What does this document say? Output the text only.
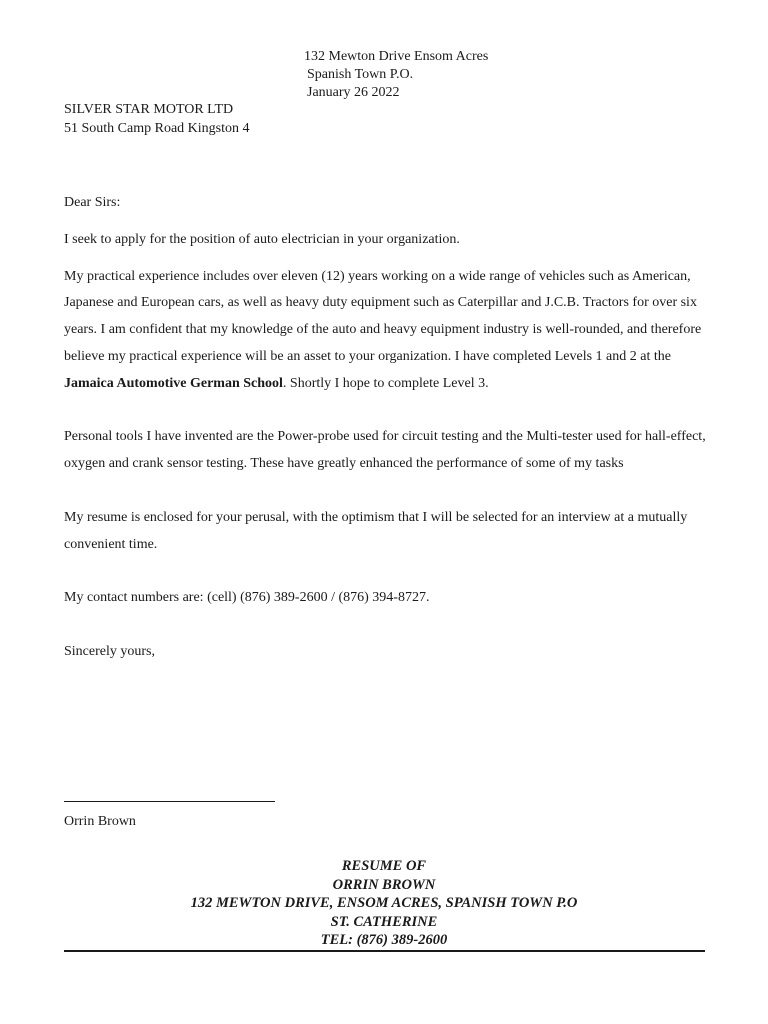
132 Mewton Drive Ensom Acres
Spanish Town P.O.
January 26 2022
SILVER STAR MOTOR LTD
51 South Camp Road Kingston 4

Dear Sirs:

I seek to apply for the position of auto electrician in your organization.

My practical experience includes over eleven (12) years working on a wide range of vehicles such as American, Japanese and European cars, as well as heavy duty equipment such as Caterpillar and J.C.B. Tractors for over six years. I am confident that my knowledge of the auto and heavy equipment industry is well-rounded, and therefore believe my practical experience will be an asset to your organization. I have completed Levels 1 and 2 at the Jamaica Automotive German School. Shortly I hope to complete Level 3.

Personal tools I have invented are the Power-probe used for circuit testing and the Multi-tester used for hall-effect, oxygen and crank sensor testing. These have greatly enhanced the performance of some of my tasks

My resume is enclosed for your perusal, with the optimism that I will be selected for an interview at a mutually convenient time.

My contact numbers are: (cell) (876) 389-2600 / (876) 394-8727.

Sincerely yours,

Orrin Brown
RESUME OF
ORRIN BROWN
132 MEWTON DRIVE, ENSOM ACRES, SPANISH TOWN P.O
ST. CATHERINE
TEL: (876) 389-2600
